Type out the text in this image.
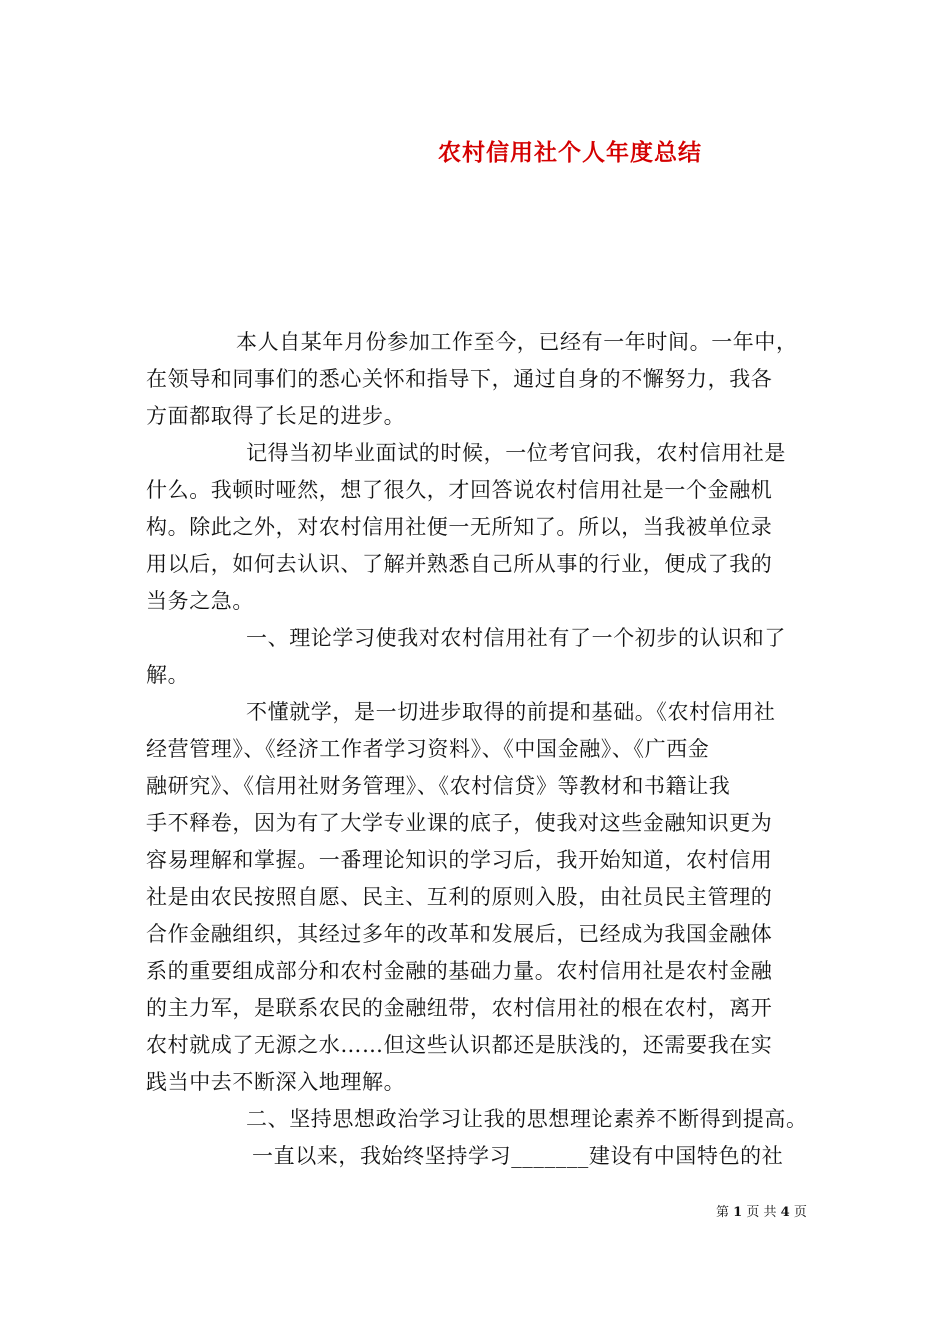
农村信用社个人年度总结
本人自某年月份参加工作至今，已经有一年时间。一年中，
在领导和同事们的悉心关怀和指导下，通过自身的不懈努力，我各
方面都取得了长足的进步。
记得当初毕业面试的时候，一位考官问我，农村信用社是
什么。我顿时哑然，想了很久，才回答说农村信用社是一个金融机
构。除此之外，对农村信用社便一无所知了。所以，当我被单位录
用以后，如何去认识、了解并熟悉自己所从事的行业，便成了我的
当务之急。
一、理论学习使我对农村信用社有了一个初步的认识和了
解。
不懂就学，是一切进步取得的前提和基础。《农村信用社
经营管理》、《经济工作者学习资料》、《中国金融》、《广西金
融研究》、《信用社财务管理》、《农村信贷》等教材和书籍让我
手不释卷，因为有了大学专业课的底子，使我对这些金融知识更为
容易理解和掌握。一番理论知识的学习后，我开始知道，农村信用
社是由农民按照自愿、民主、互利的原则入股，由社员民主管理的
合作金融组织，其经过多年的改革和发展后，已经成为我国金融体
系的重要组成部分和农村金融的基础力量。农村信用社是农村金融
的主力军，是联系农民的金融纽带，农村信用社的根在农村，离开
农村就成了无源之水……但这些认识都还是肤浅的，还需要我在实
践当中去不断深入地理解。
二、坚持思想政治学习让我的思想理论素养不断得到提高。
一直以来，我始终坚持学习_______建设有中国特色的社
第 1 页 共 4 页
